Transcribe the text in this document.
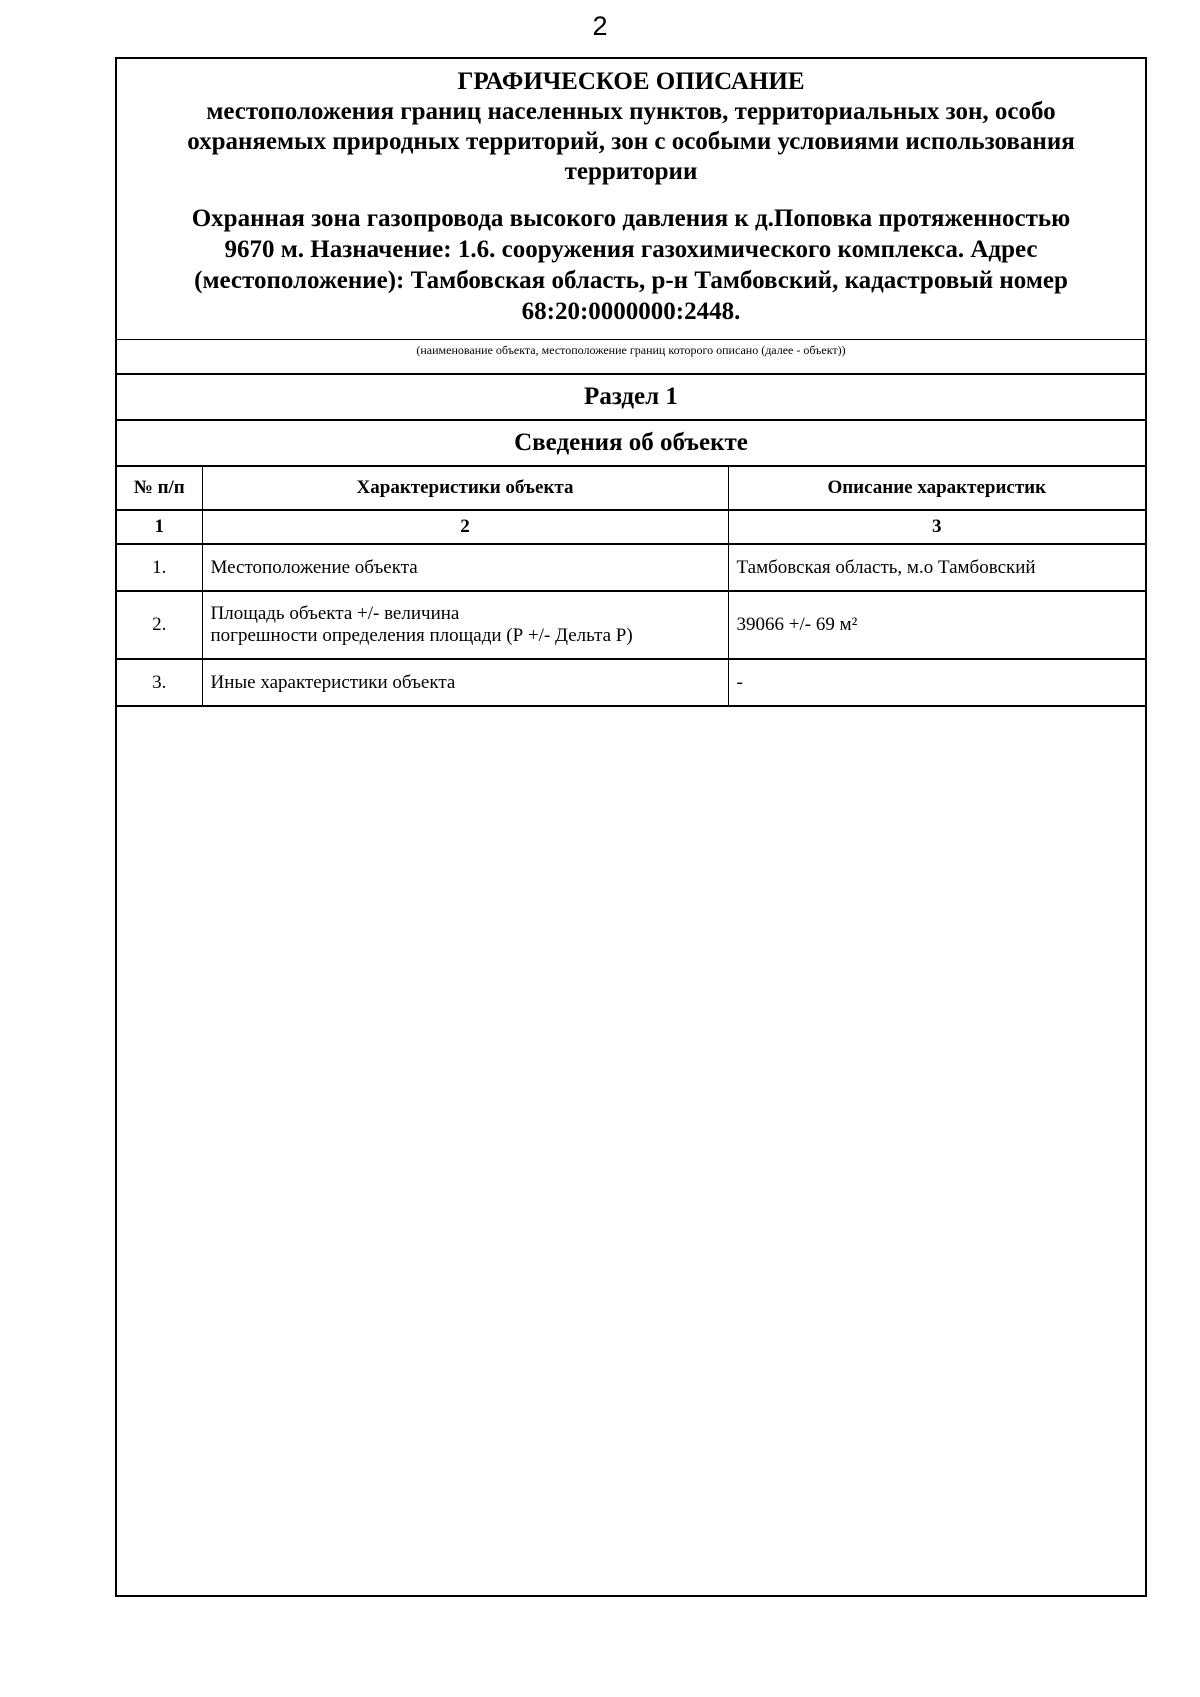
2
ГРАФИЧЕСКОЕ ОПИСАНИЕ
местоположения границ населенных пунктов, территориальных зон, особо
охраняемых природных территорий, зон с особыми условиями использования
территории
Охранная зона газопровода высокого давления к д.Поповка протяженностью
9670 м. Назначение: 1.6. сооружения газохимического комплекса. Адрес
(местоположение): Тамбовская область, р-н Тамбовский, кадастровый номер
68:20:0000000:2448.
(наименование объекта, местоположение границ которого описано (далее - объект))
Раздел 1
Сведения об объекте
№ п/п	Характеристики объекта	Описание характеристик
1	2	3
1.	Местоположение объекта	Тамбовская область, м.о Тамбовский
2.	Площадь объекта +/- величина
погрешности определения площади (Р +/- Дельта Р)	39066 +/- 69 м²
3.	Иные характеристики объекта	-
